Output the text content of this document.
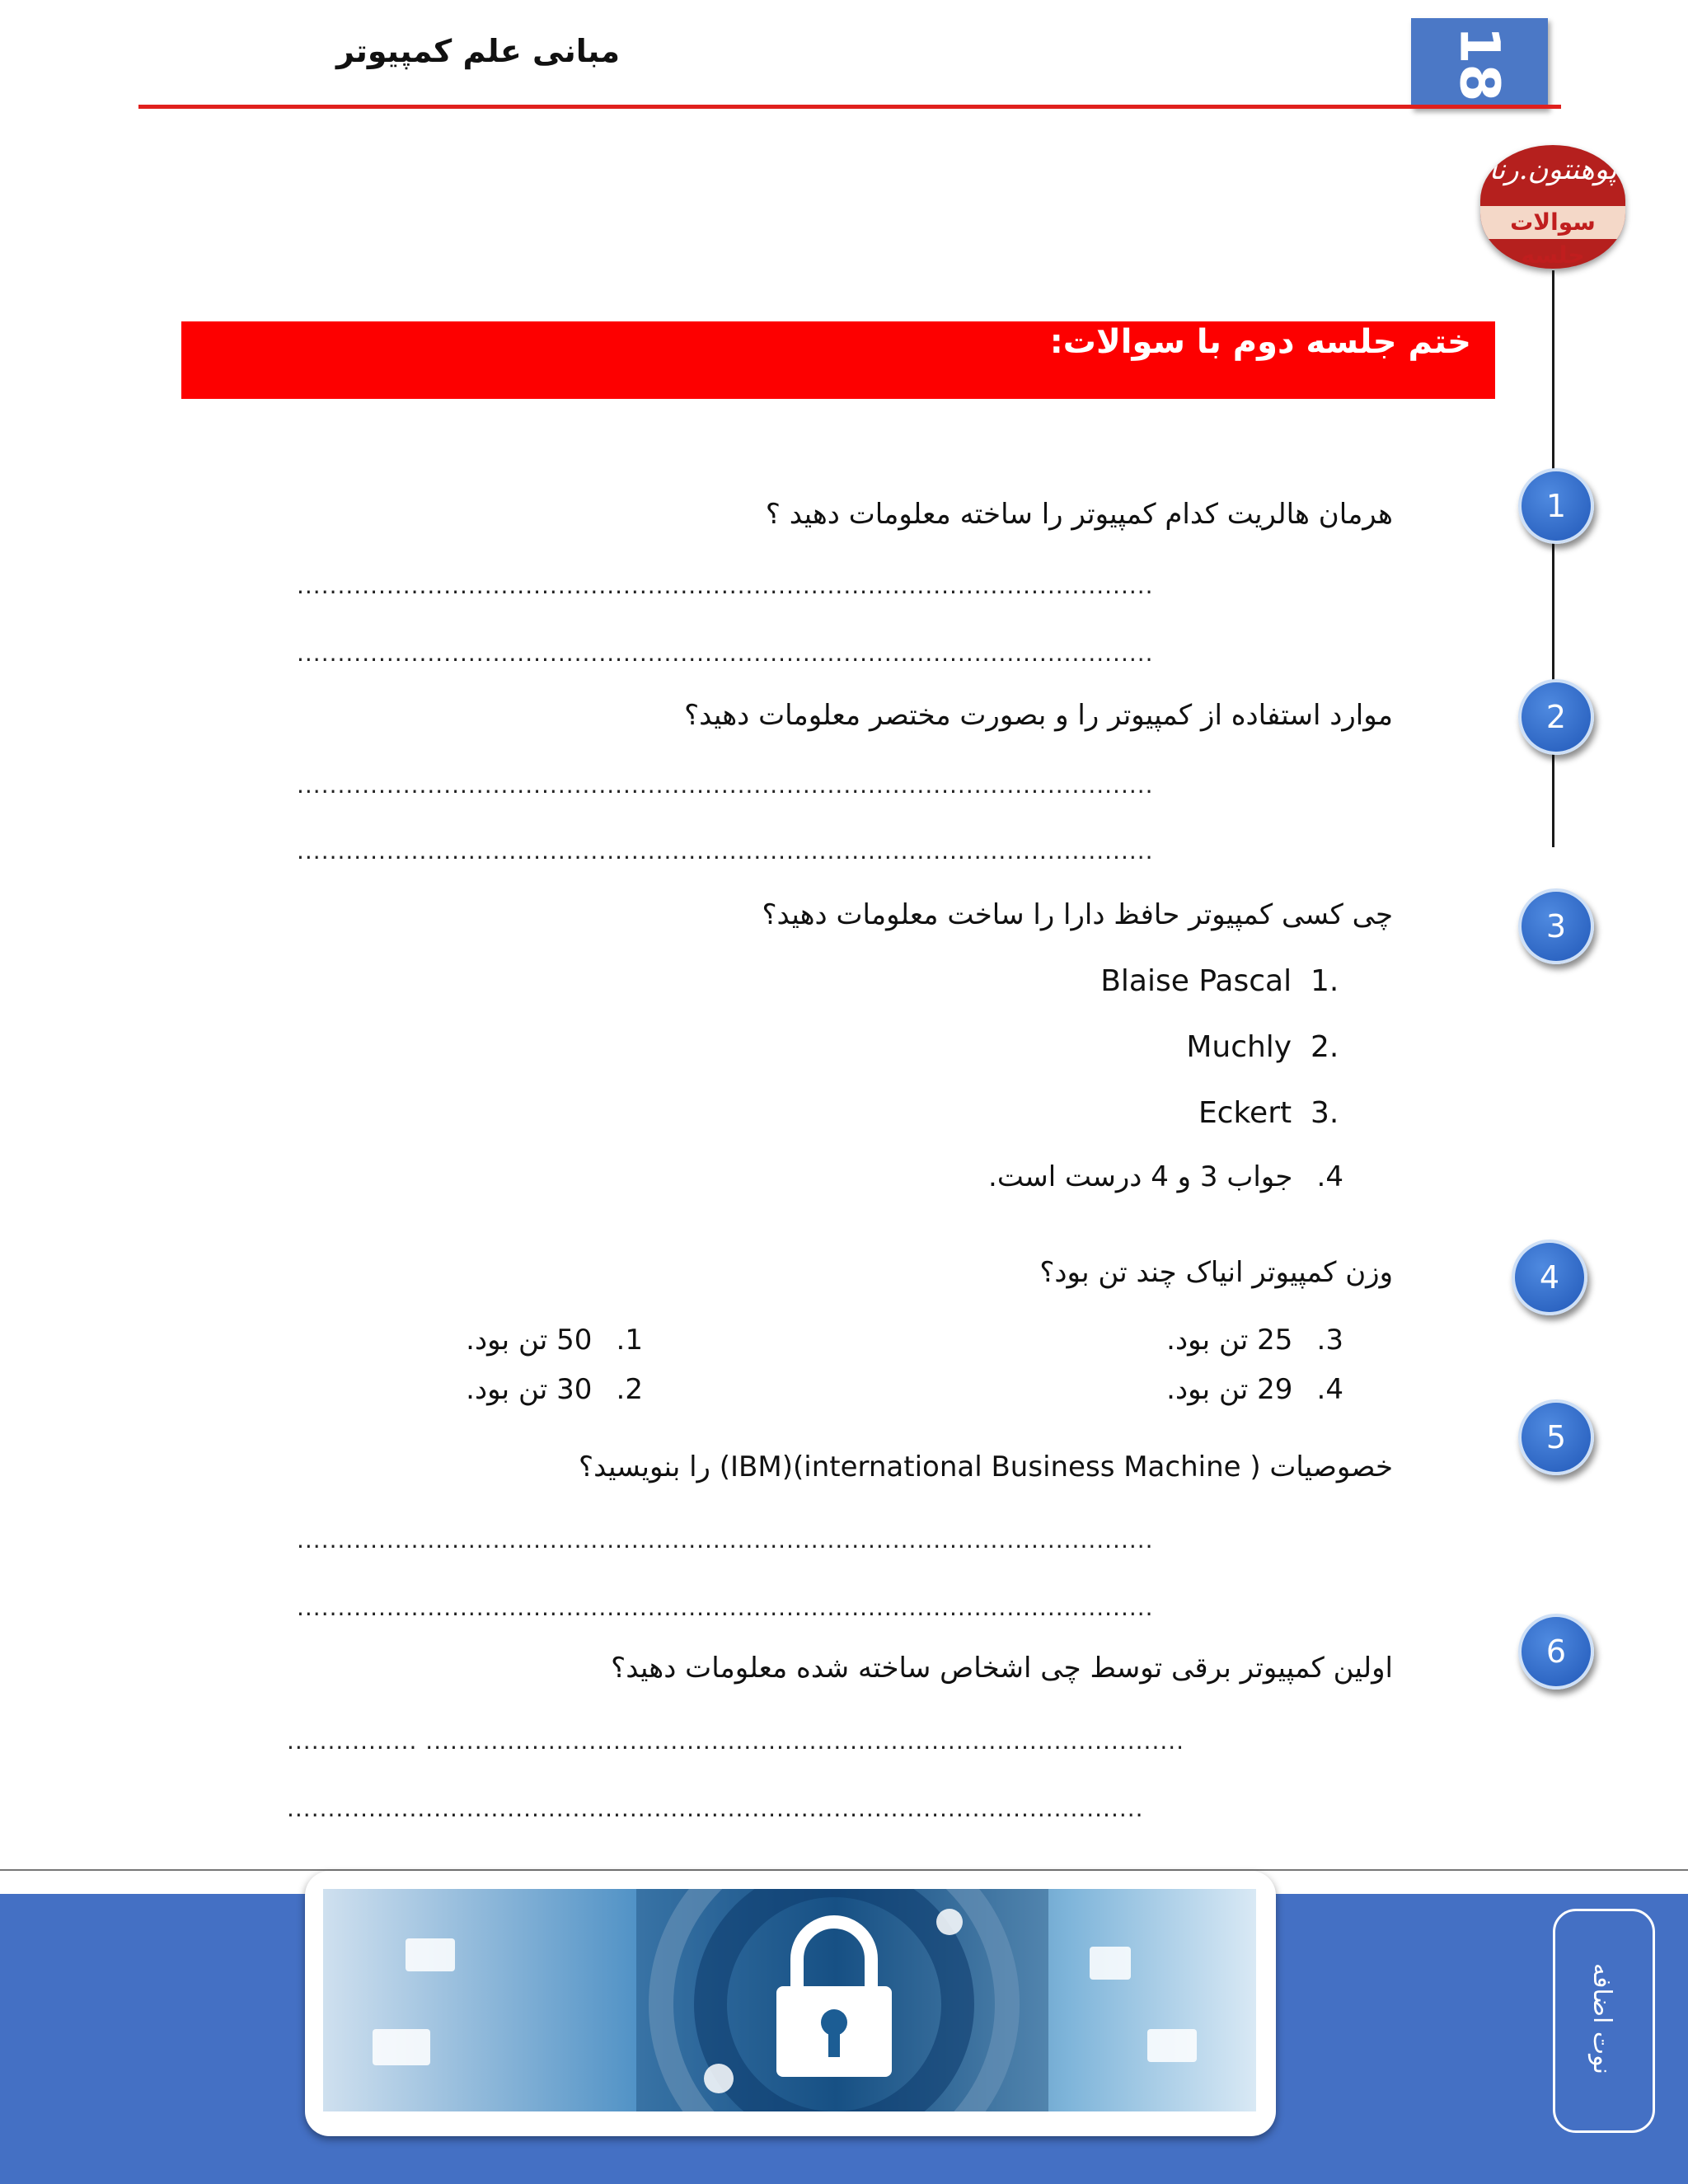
مبانی علم کمپیوتر	18
پوهنتون.رنا
سوالات جلسه
ختم جلسه دوم با سوالات:
1
2
3
4
5
6
هرمان هالریت کدام کمپیوتر را ساخته معلومات دهید ؟
.........................................................................................................
.........................................................................................................
موارد استفاده از کمپیوتر را و بصورت مختصر معلومات دهید؟
.........................................................................................................
.........................................................................................................
چی کسی کمپیوتر حافظ دارا را ساخت معلومات دهید؟
Blaise Pascal 1.
Muchly 2.
Eckert 3.
4.  جواب 3 و 4 درست است.
وزن کمپیوتر انیاک چند تن بود؟
3.  25 تن بود.
4.  29 تن بود.
1.  50 تن بود.
2.  30 تن بود.
خصوصیات ( international Business Machine)(IBM) را بنویسید؟
.........................................................................................................
.........................................................................................................
اولین کمپیوتر برقی توسط چی اشخاص ساخته شده معلومات دهید؟
................ .............................................................................................
.........................................................................................................
نوت اضافه
